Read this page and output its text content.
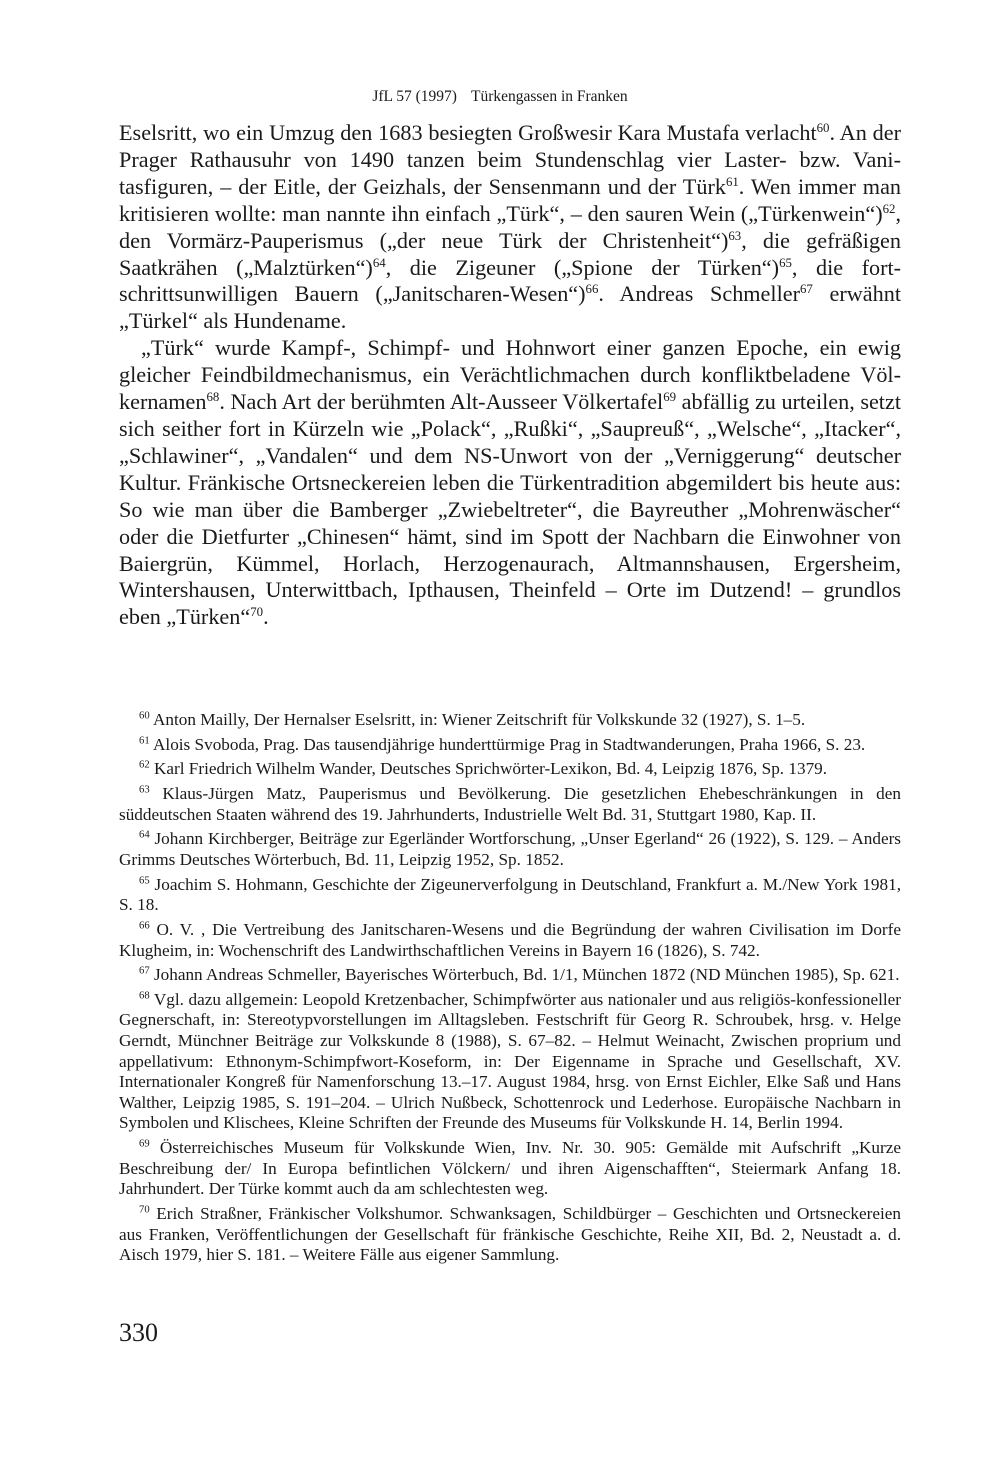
JfL 57 (1997) Türkengassen in Franken

Eselsritt, wo ein Umzug den 1683 besiegten Großwesir Kara Mustafa verlacht$^{60}$. An der Prager Rathausuhr von 1490 tanzen beim Stundenschlag vier Laster- bzw. Vanitasfiguren, – der Eitle, der Geizhals, der Sensenmann und der Türk$^{61}$. Wen immer man kritisieren wollte: man nannte ihn einfach „Türk“, – den sauren Wein („Türkenwein“)$^{62}$, den Vormärz-Pauperismus („der neue Türk der Christenheit“)$^{63}$, die gefräßigen Saatkrähen („Malztürken“)$^{64}$, die Zigeuner („Spione der Türken“)$^{65}$, die fortschrittsunwilligen Bauern („Janitscharen-Wesen“)$^{66}$. Andreas Schmeller$^{67}$ erwähnt „Türkel“ als Hundename.

„Türk“ wurde Kampf-, Schimpf- und Hohnwort einer ganzen Epoche, ein ewig gleicher Feindbildmechanismus, ein Verächtlichmachen durch konfliktbeladene Völkernamen$^{68}$. Nach Art der berühmten Alt-Ausseer Völkertafel$^{69}$ abfällig zu urteilen, setzt sich seither fort in Kürzeln wie „Polack“, „Rußki“, „Saupreuß“, „Welsche“, „Itacker“, „Schlawiner“, „Vandalen“ und dem NS-Unwort von der „Verniggerung“ deutscher Kultur. Fränkische Ortsneckereien leben die Türkentradition abgemildert bis heute aus: So wie man über die Bamberger „Zwiebeltreter“, die Bayreuther „Mohrenwäscher“ oder die Dietfurter „Chinesen“ hämt, sind im Spott der Nachbarn die Einwohner von Baiergrün, Kümmel, Horlach, Herzogenaurach, Altmannshausen, Ergersheim, Wintershausen, Unterwittbach, Ipthausen, Theinfeld – Orte im Dutzend! – grundlos eben „Türken“$^{70}$.

$^{60}$ Anton Mailly, Der Hernalser Eselsritt, in: Wiener Zeitschrift für Volkskunde 32 (1927), S. 1–5.

$^{61}$ Alois Svoboda, Prag. Das tausendjährige hunderttürmige Prag in Stadtwanderungen, Praha 1966, S. 23.

$^{62}$ Karl Friedrich Wilhelm Wander, Deutsches Sprichwörter-Lexikon, Bd. 4, Leipzig 1876, Sp. 1379.

$^{63}$ Klaus-Jürgen Matz, Pauperismus und Bevölkerung. Die gesetzlichen Ehebeschränkungen in den süddeutschen Staaten während des 19. Jahrhunderts, Industrielle Welt Bd. 31, Stuttgart 1980, Kap. II.

$^{64}$ Johann Kirchberger, Beiträge zur Egerländer Wortforschung, „Unser Egerland“ 26 (1922), S. 129. – Anders Grimms Deutsches Wörterbuch, Bd. 11, Leipzig 1952, Sp. 1852.

$^{65}$ Joachim S. Hohmann, Geschichte der Zigeunerverfolgung in Deutschland, Frankfurt a. M./New York 1981, S. 18.

$^{66}$ O. V. , Die Vertreibung des Janitscharen-Wesens und die Begründung der wahren Civilisation im Dorfe Klugheim, in: Wochenschrift des Landwirthschaftlichen Vereins in Bayern 16 (1826), S. 742.

$^{67}$ Johann Andreas Schmeller, Bayerisches Wörterbuch, Bd. 1/1, München 1872 (ND München 1985), Sp. 621.

$^{68}$ Vgl. dazu allgemein: Leopold Kretzenbacher, Schimpfwörter aus nationaler und aus religiös-konfessioneller Gegnerschaft, in: Stereotypvorstellungen im Alltagsleben. Festschrift für Georg R. Schroubek, hrsg. v. Helge Gerndt, Münchner Beiträge zur Volkskunde 8 (1988), S. 67–82. – Helmut Weinacht, Zwischen proprium und appellativum: Ethnonym-Schimpfwort-Koseform, in: Der Eigenname in Sprache und Gesellschaft, XV. Internationaler Kongreß für Namenforschung 13.–17. August 1984, hrsg. von Ernst Eichler, Elke Saß und Hans Walther, Leipzig 1985, S. 191–204. – Ulrich Nußbeck, Schottenrock und Lederhose. Europäische Nachbarn in Symbolen und Klischees, Kleine Schriften der Freunde des Museums für Volkskunde H. 14, Berlin 1994.

$^{69}$ Österreichisches Museum für Volkskunde Wien, Inv. Nr. 30. 905: Gemälde mit Aufschrift „Kurze Beschreibung der/ In Europa befintlichen Völckern/ und ihren Aigenschafften“, Steiermark Anfang 18. Jahrhundert. Der Türke kommt auch da am schlechtesten weg.

$^{70}$ Erich Straßner, Fränkischer Volkshumor. Schwanksagen, Schildbürger – Geschichten und Ortsneckereien aus Franken, Veröffentlichungen der Gesellschaft für fränkische Geschichte, Reihe XII, Bd. 2, Neustadt a. d. Aisch 1979, hier S. 181. – Weitere Fälle aus eigener Sammlung.

330
